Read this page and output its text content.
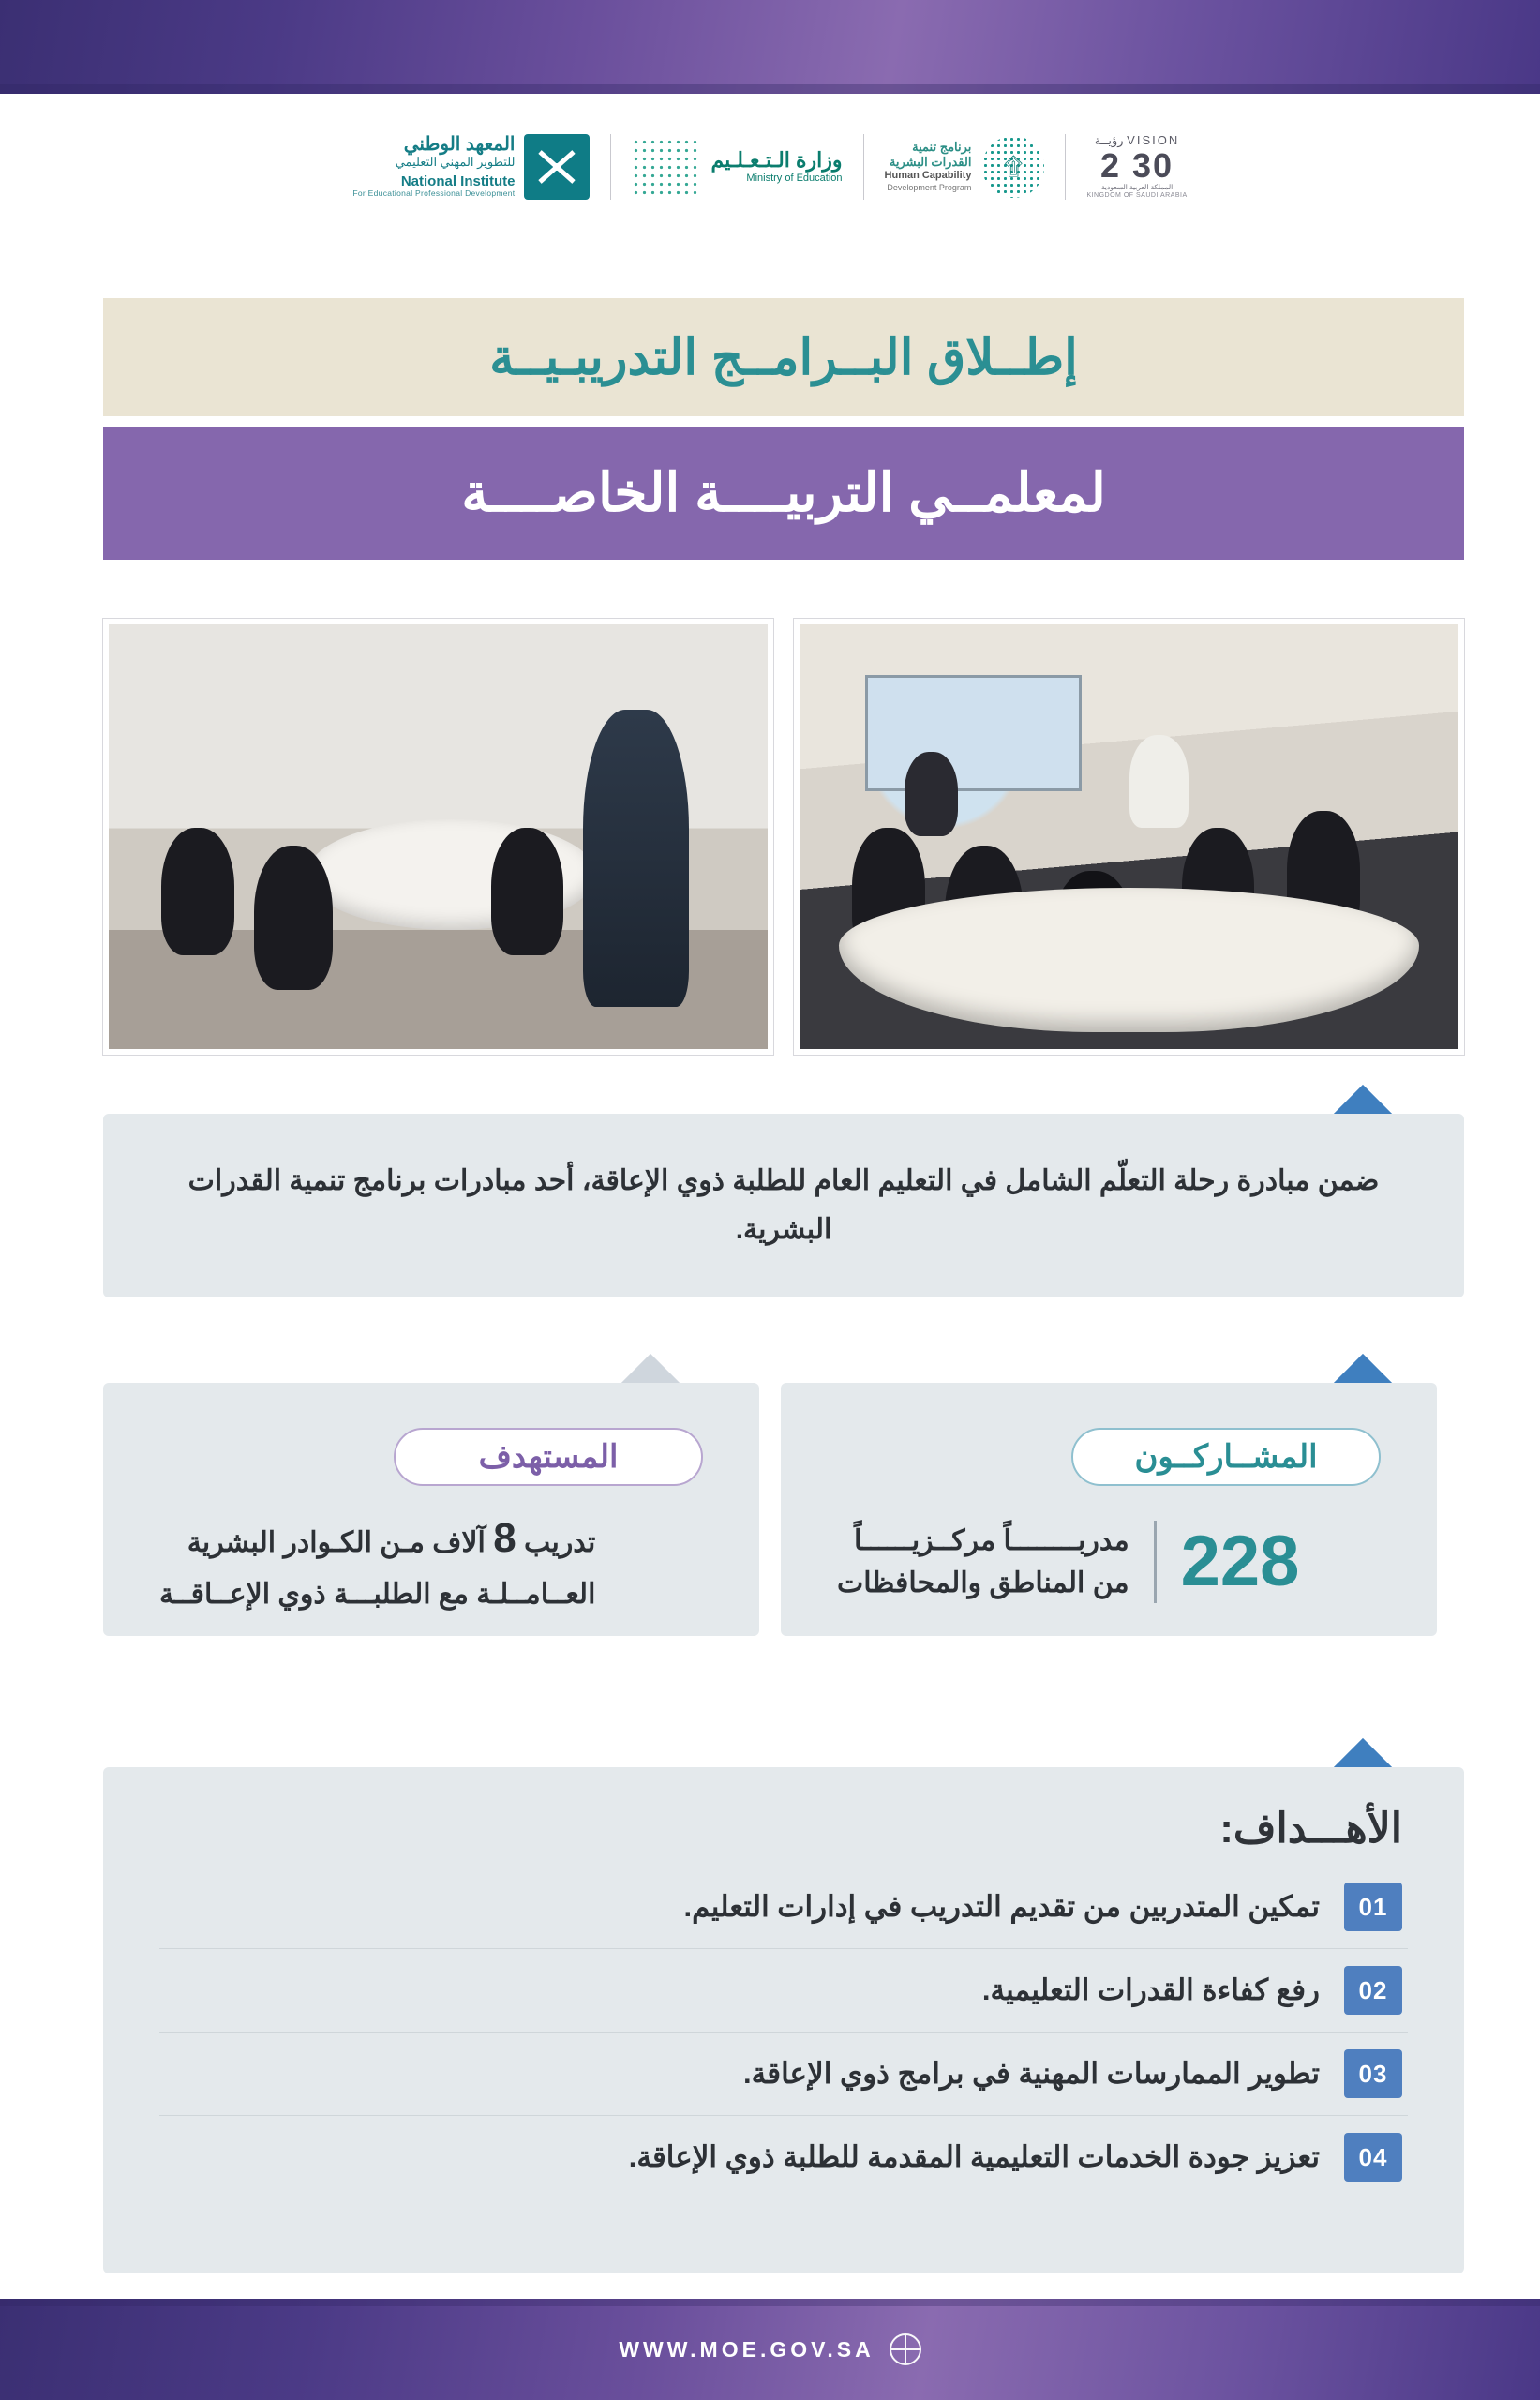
المعهد الوطني
للتطوير المهني التعليمي
National Institute
For Educational Professional Development
وزارة الـتـعـلـيم
Ministry of Education
برنامج تنمية
القدرات البشرية
Human Capability
Development Program
۩
رؤيــة VISION
2 30
المملكة العربية السعودية
KINGDOM OF SAUDI ARABIA
إطــلاق البــرامــج التدريبـيــة
لمعلمــي التربيــــة الخاصــــة

ضمن مبادرة رحلة التعلّم الشامل في التعليم العام للطلبة ذوي الإعاقة، أحد مبادرات برنامج تنمية القدرات البشرية.

المشــاركــون
228
مدربــــــــاً مركــزيــــــاً
من المناطق والمحافظات
المستهدف
تدريب 8 آلاف مـن الكـوادر البشرية
العــامــلـة مع الطلبـــة ذوي الإعــاقــة
الأهـــداف:
01
تمكين المتدربين من تقديم التدريب في إدارات التعليم.
02
رفع كفاءة القدرات التعليمية.
03
تطوير الممارسات المهنية في برامج ذوي الإعاقة.
04
تعزيز جودة الخدمات التعليمية المقدمة للطلبة ذوي الإعاقة.
WWW.MOE.GOV.SA
